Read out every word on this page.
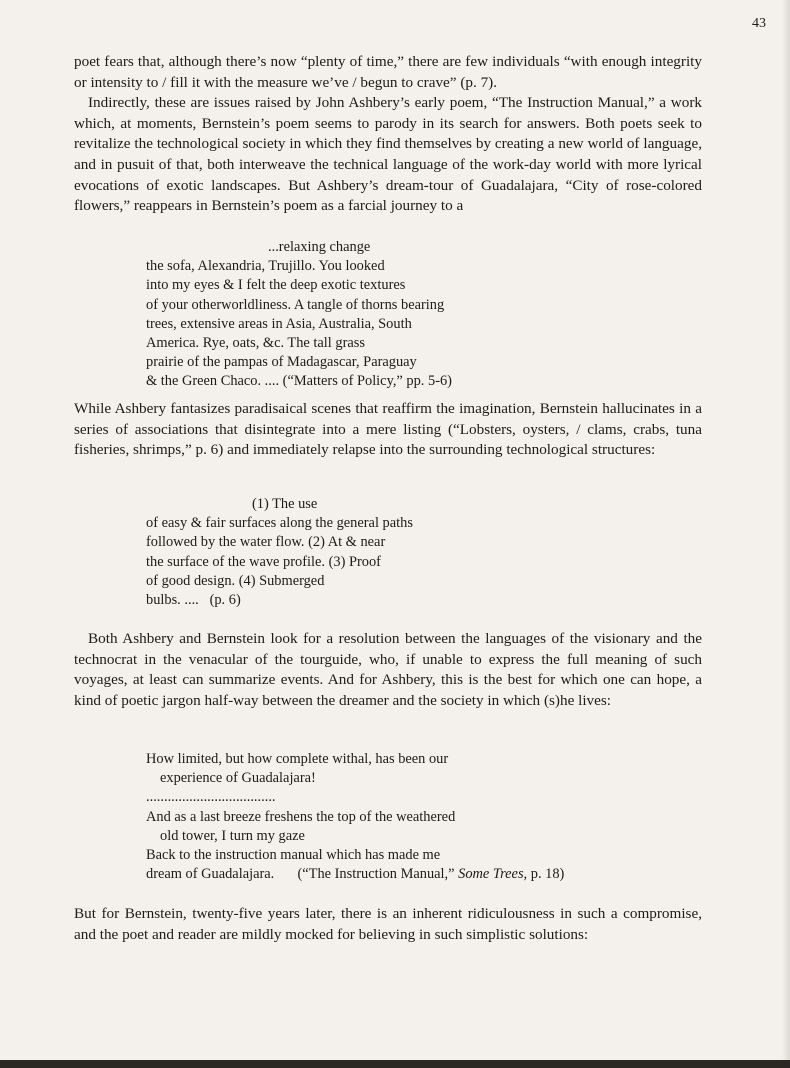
43

poet fears that, although there’s now “plenty of time,” there are few individuals “with enough integrity or intensity to / fill it with the measure we’ve / begun to crave” (p. 7).

Indirectly, these are issues raised by John Ashbery’s early poem, “The Instruction Manual,” a work which, at moments, Bernstein’s poem seems to parody in its search for answers. Both poets seek to revitalize the technological society in which they find themselves by creating a new world of language, and in pusuit of that, both interweave the technical language of the work-day world with more lyrical evocations of exotic landscapes. But Ashbery’s dream-tour of Guadalajara, “City of rose-colored flowers,” reappears in Bernstein’s poem as a farcial journey to a

...relaxing change
the sofa, Alexandria, Trujillo. You looked
into my eyes & I felt the deep exotic textures
of your otherworldliness. A tangle of thorns bearing
trees, extensive areas in Asia, Australia, South
America. Rye, oats, &c. The tall grass
prairie of the pampas of Madagascar, Paraguay
& the Green Chaco. .... (“Matters of Policy,” pp. 5-6)

While Ashbery fantasizes paradisaical scenes that reaffirm the imagination, Bernstein hallucinates in a series of associations that disintegrate into a mere listing (“Lobsters, oysters, / clams, crabs, tuna fisheries, shrimps,” p. 6) and immediately relapse into the surrounding technological structures:

(1) The use
of easy & fair surfaces along the general paths
followed by the water flow. (2) At & near
the surface of the wave profile. (3) Proof
of good design. (4) Submerged
bulbs. ....   (p. 6)

Both Ashbery and Bernstein look for a resolution between the languages of the visionary and the technocrat in the venacular of the tourguide, who, if unable to express the full meaning of such voyages, at least can summarize events. And for Ashbery, this is the best for which one can hope, a kind of poetic jargon half-way between the dreamer and the society in which (s)he lives:

How limited, but how complete withal, has been our
experience of Guadalajara!
....................................
And as a last breeze freshens the top of the weathered
old tower, I turn my gaze
Back to the instruction manual which has made me
dream of Guadalajara. (“The Instruction Manual,” Some Trees, p. 18)

But for Bernstein, twenty-five years later, there is an inherent ridiculousness in such a compromise, and the poet and reader are mildly mocked for believing in such simplistic solutions:
